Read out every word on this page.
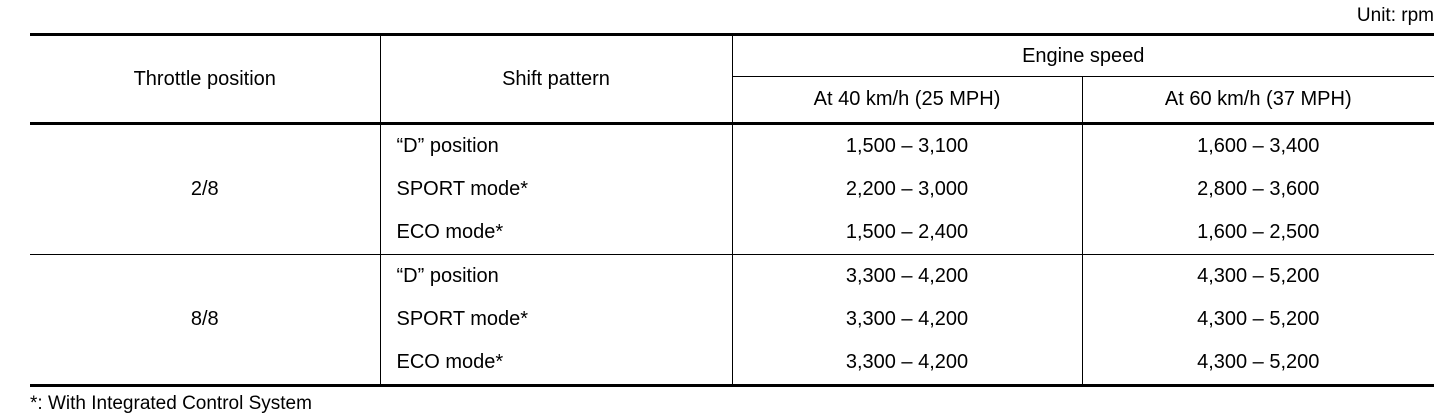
Unit: rpm
Throttle position	Shift pattern	Engine speed	
		At 40 km/h (25 MPH)	At 60 km/h (37 MPH)
2/8	“D” position	1,500 – 3,100	1,600 – 3,400
	SPORT mode*	2,200 – 3,000	2,800 – 3,600
	ECO mode*	1,500 – 2,400	1,600 – 2,500
8/8	“D” position	3,300 – 4,200	4,300 – 5,200
	SPORT mode*	3,300 – 4,200	4,300 – 5,200
	ECO mode*	3,300 – 4,200	4,300 – 5,200
*: With Integrated Control System
